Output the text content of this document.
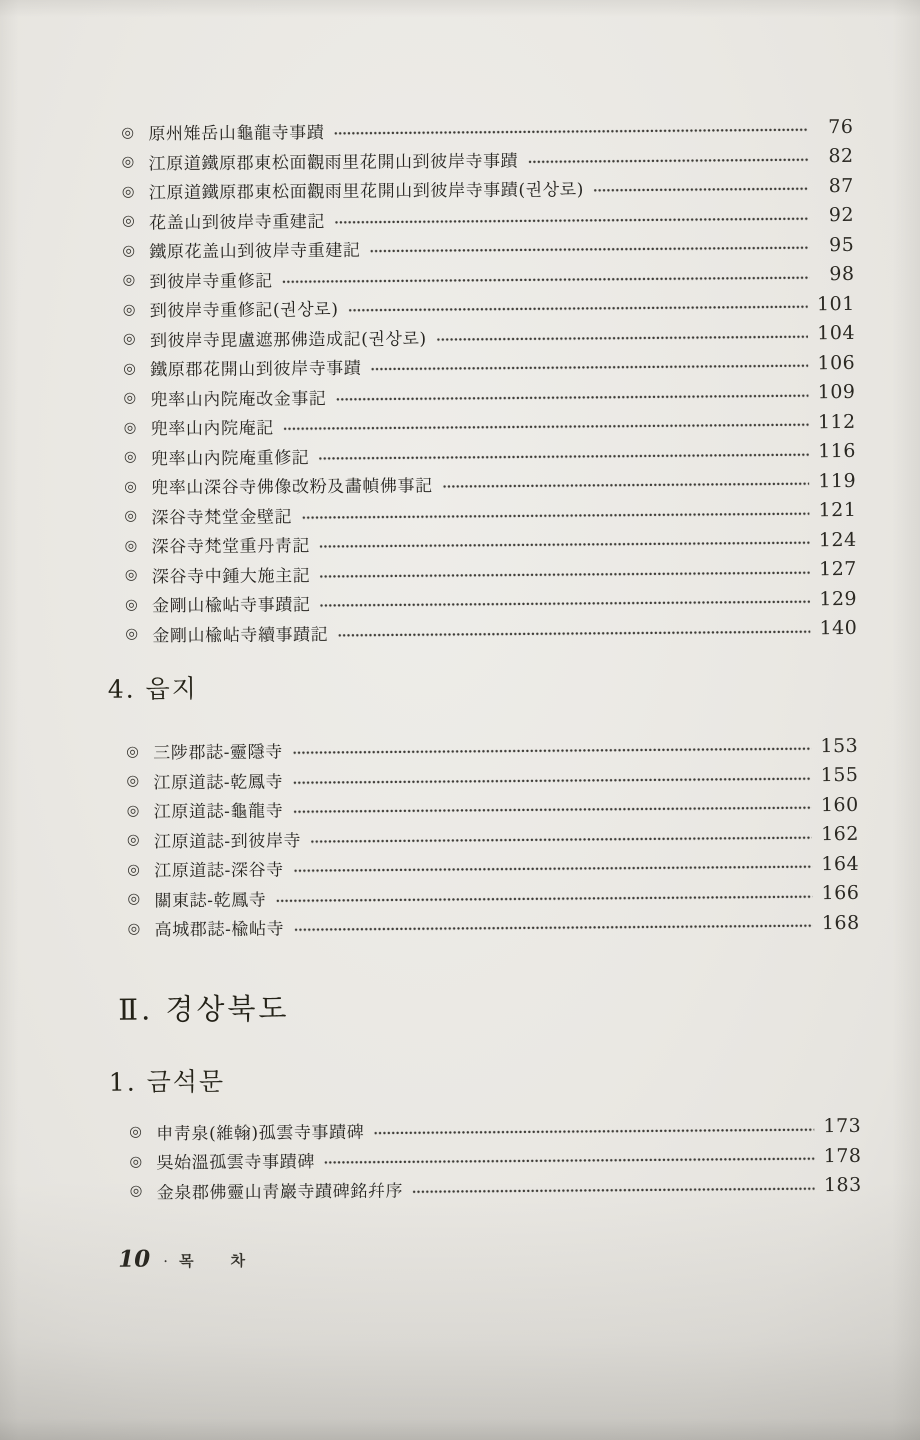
◎ 原州雉岳山龜龍寺事蹟	76
◎ 江原道鐵原郡東松面觀雨里花開山到彼岸寺事蹟	82
◎ 江原道鐵原郡東松面觀雨里花開山到彼岸寺事蹟(권상로)	87
◎ 花盖山到彼岸寺重建記	92
◎ 鐵原花盖山到彼岸寺重建記	95
◎ 到彼岸寺重修記	98
◎ 到彼岸寺重修記(권상로)	101
◎ 到彼岸寺毘盧遮那佛造成記(권상로)	104
◎ 鐵原郡花開山到彼岸寺事蹟	106
◎ 兜率山內院庵改金事記	109
◎ 兜率山內院庵記	112
◎ 兜率山內院庵重修記	116
◎ 兜率山深谷寺佛像改粉及畵幀佛事記	119
◎ 深谷寺梵堂金壁記	121
◎ 深谷寺梵堂重丹靑記	124
◎ 深谷寺中鍾大施主記	127
◎ 金剛山楡岾寺事蹟記	129
◎ 金剛山楡岾寺續事蹟記	140
4. 읍지
◎ 三陟郡誌-靈隱寺	153
◎ 江原道誌-乾鳳寺	155
◎ 江原道誌-龜龍寺	160
◎ 江原道誌-到彼岸寺	162
◎ 江原道誌-深谷寺	164
◎ 關東誌-乾鳳寺	166
◎ 高城郡誌-楡岾寺	168
Ⅱ. 경상북도
1. 금석문
◎ 申靑泉(維翰)孤雲寺事蹟碑	173
◎ 吳始溫孤雲寺事蹟碑	178
◎ 金泉郡佛靈山靑巖寺蹟碑銘幷序	183
10 · 목 차
